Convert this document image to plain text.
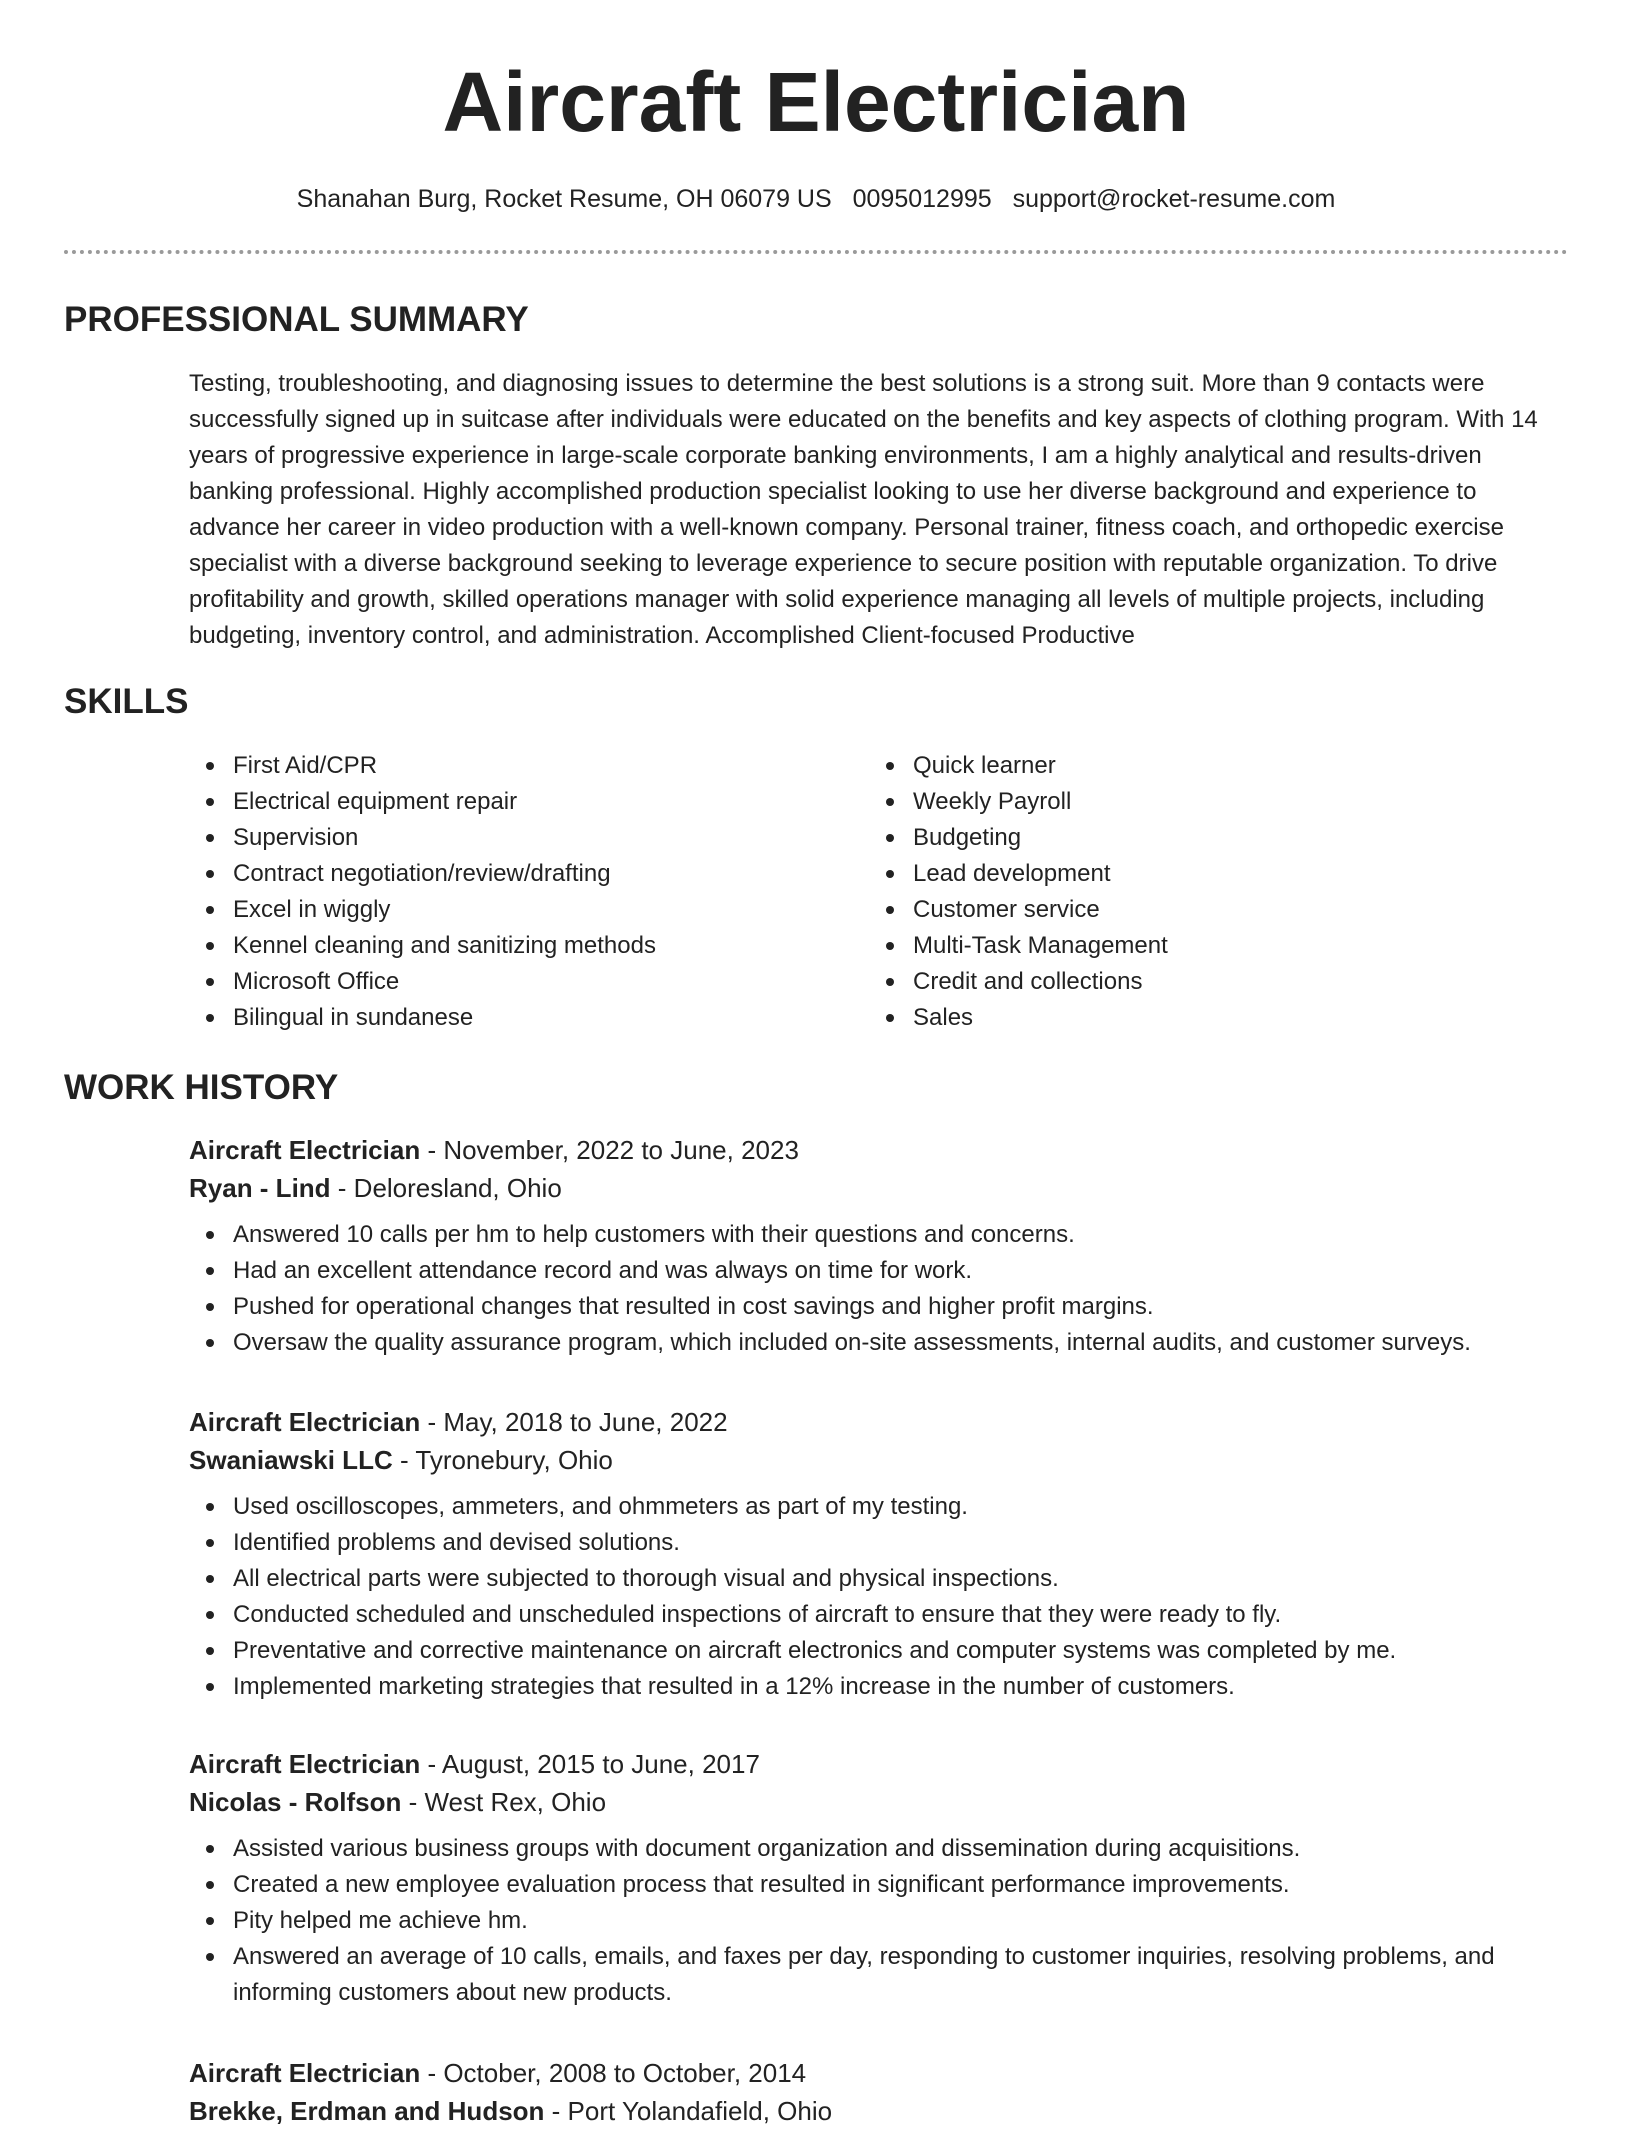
Aircraft Electrician
Shanahan Burg, Rocket Resume, OH 06079 US 0095012995 support@rocket-resume.com
PROFESSIONAL SUMMARY

Testing, troubleshooting, and diagnosing issues to determine the best solutions is a strong suit. More than 9 contacts were successfully signed up in suitcase after individuals were educated on the benefits and key aspects of clothing program. With 14 years of progressive experience in large-scale corporate banking environments, I am a highly analytical and results-driven banking professional. Highly accomplished production specialist looking to use her diverse background and experience to advance her career in video production with a well-known company. Personal trainer, fitness coach, and orthopedic exercise specialist with a diverse background seeking to leverage experience to secure position with reputable organization. To drive profitability and growth, skilled operations manager with solid experience managing all levels of multiple projects, including budgeting, inventory control, and administration. Accomplished Client-focused Productive

SKILLS
First Aid/CPR
Electrical equipment repair
Supervision
Contract negotiation/review/drafting
Excel in wiggly
Kennel cleaning and sanitizing methods
Microsoft Office
Bilingual in sundanese
Quick learner
Weekly Payroll
Budgeting
Lead development
Customer service
Multi-Task Management
Credit and collections
Sales
WORK HISTORY
Aircraft Electrician - November, 2022 to June, 2023
Ryan - Lind - Deloresland, Ohio
Answered 10 calls per hm to help customers with their questions and concerns.
Had an excellent attendance record and was always on time for work.
Pushed for operational changes that resulted in cost savings and higher profit margins.
Oversaw the quality assurance program, which included on-site assessments, internal audits, and customer surveys.
Aircraft Electrician - May, 2018 to June, 2022
Swaniawski LLC - Tyronebury, Ohio
Used oscilloscopes, ammeters, and ohmmeters as part of my testing.
Identified problems and devised solutions.
All electrical parts were subjected to thorough visual and physical inspections.
Conducted scheduled and unscheduled inspections of aircraft to ensure that they were ready to fly.
Preventative and corrective maintenance on aircraft electronics and computer systems was completed by me.
Implemented marketing strategies that resulted in a 12% increase in the number of customers.
Aircraft Electrician - August, 2015 to June, 2017
Nicolas - Rolfson - West Rex, Ohio
Assisted various business groups with document organization and dissemination during acquisitions.
Created a new employee evaluation process that resulted in significant performance improvements.
Pity helped me achieve hm.
Answered an average of 10 calls, emails, and faxes per day, responding to customer inquiries, resolving problems, and informing customers about new products.
Aircraft Electrician - October, 2008 to October, 2014
Brekke, Erdman and Hudson - Port Yolandafield, Ohio
